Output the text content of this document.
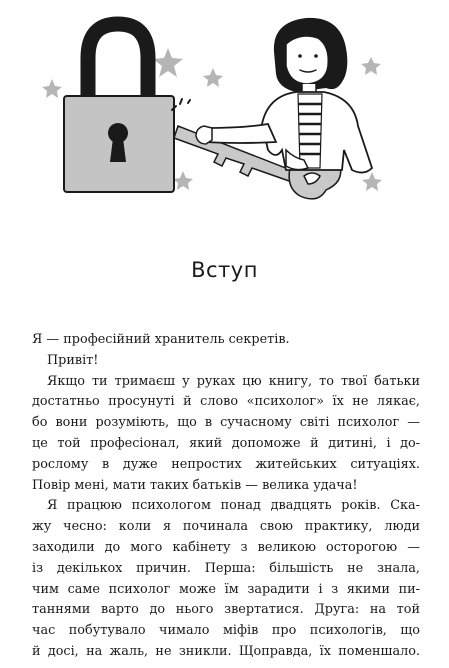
Вступ
Я — професійний хранитель секретів.
Привіт!
Якщо ти тримаєш у руках цю книгу, то твої батьки
достатньо просунуті й слово «психолог» їх не лякає,
бо вони розуміють, що в сучасному світі психолог —
це той професіонал, який допоможе й дитині, і до-
рослому в дуже непростих житейських ситуаціях.
Повір мені, мати таких батьків — велика удача!
Я працюю психологом понад двадцять років. Ска-
жу чесно: коли я починала свою практику, люди
заходили до мого кабінету з великою осторогою —
із декількох причин. Перша: більшість не знала,
чим саме психолог може їм зарадити і з якими пи-
таннями варто до нього звертатися. Друга: на той
час побутувало чимало міфів про психологів, що
й досі, на жаль, не зникли. Щоправда, їх поменшало.
